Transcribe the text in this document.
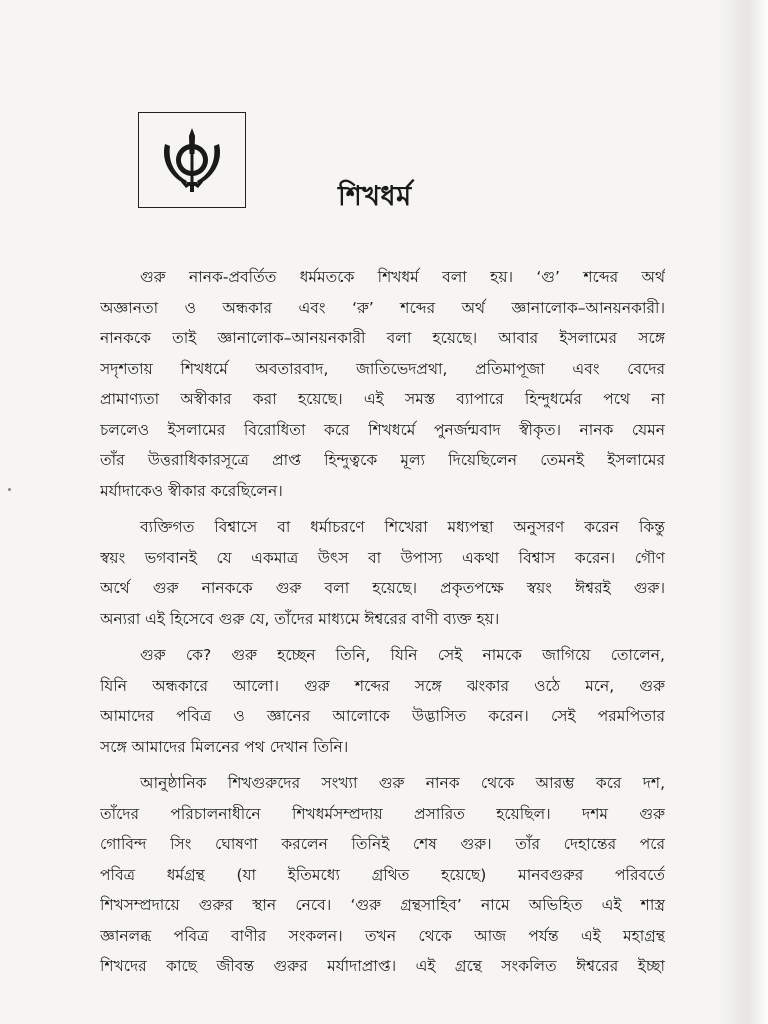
শিখধর্ম

গুরু নানক-প্রবর্তিত ধর্মমতকে শিখধর্ম বলা হয়। ‘গু’ শব্দের অর্থ
অজ্ঞানতা ও অন্ধকার এবং ‘রু’ শব্দের অর্থ জ্ঞানালোক–আনয়নকারী।
নানককে তাই জ্ঞানালোক–আনয়নকারী বলা হয়েছে। আবার ইসলামের সঙ্গে
সদৃশতায় শিখধর্মে অবতারবাদ, জাতিভেদপ্রথা, প্রতিমাপূজা এবং বেদের
প্রামাণ্যতা অস্বীকার করা হয়েছে। এই সমস্ত ব্যাপারে হিন্দুধর্মের পথে না
চললেও ইসলামের বিরোধিতা করে শিখধর্মে পুনর্জন্মবাদ স্বীকৃত। নানক যেমন
তাঁর উত্তরাধিকারসূত্রে প্রাপ্ত হিন্দুত্বকে মূল্য দিয়েছিলেন তেমনই ইসলামের
মর্যাদাকেও স্বীকার করেছিলেন।

ব্যক্তিগত বিশ্বাসে বা ধর্মাচরণে শিখেরা মধ্যপন্থা অনুসরণ করেন কিন্তু
স্বয়ং ভগবানই যে একমাত্র উৎস বা উপাস্য একথা বিশ্বাস করেন। গৌণ
অর্থে গুরু নানককে গুরু বলা হয়েছে। প্রকৃতপক্ষে স্বয়ং ঈশ্বরই গুরু।
অন্যরা এই হিসেবে গুরু যে, তাঁদের মাধ্যমে ঈশ্বরের বাণী ব্যক্ত হয়।

গুরু কে? গুরু হচ্ছেন তিনি, যিনি সেই নামকে জাগিয়ে তোলেন,
যিনি অন্ধকারে আলো। গুরু শব্দের সঙ্গে ঝংকার ওঠে মনে, গুরু
আমাদের পবিত্র ও জ্ঞানের আলোকে উদ্ভাসিত করেন। সেই পরমপিতার
সঙ্গে আমাদের মিলনের পথ দেখান তিনি।

আনুষ্ঠানিক শিখগুরুদের সংখ্যা গুরু নানক থেকে আরম্ভ করে দশ,
তাঁদের পরিচালনাধীনে শিখধর্মসম্প্রদায় প্রসারিত হয়েছিল। দশম গুরু
গোবিন্দ সিং ঘোষণা করলেন তিনিই শেষ গুরু। তাঁর দেহান্তের পরে
পবিত্র ধর্মগ্রন্থ (যা ইতিমধ্যে গ্রথিত হয়েছে) মানবগুরুর পরিবর্তে
শিখসম্প্রদায়ে গুরুর স্থান নেবে। ‘গুরু গ্রন্থসাহিব’ নামে অভিহিত এই শাস্ত্র
জ্ঞানলব্ধ পবিত্র বাণীর সংকলন। তখন থেকে আজ পর্যন্ত এই মহাগ্রন্থ
শিখদের কাছে জীবন্ত গুরুর মর্যাদাপ্রাপ্ত। এই গ্রন্থে সংকলিত ঈশ্বরের ইচ্ছা
